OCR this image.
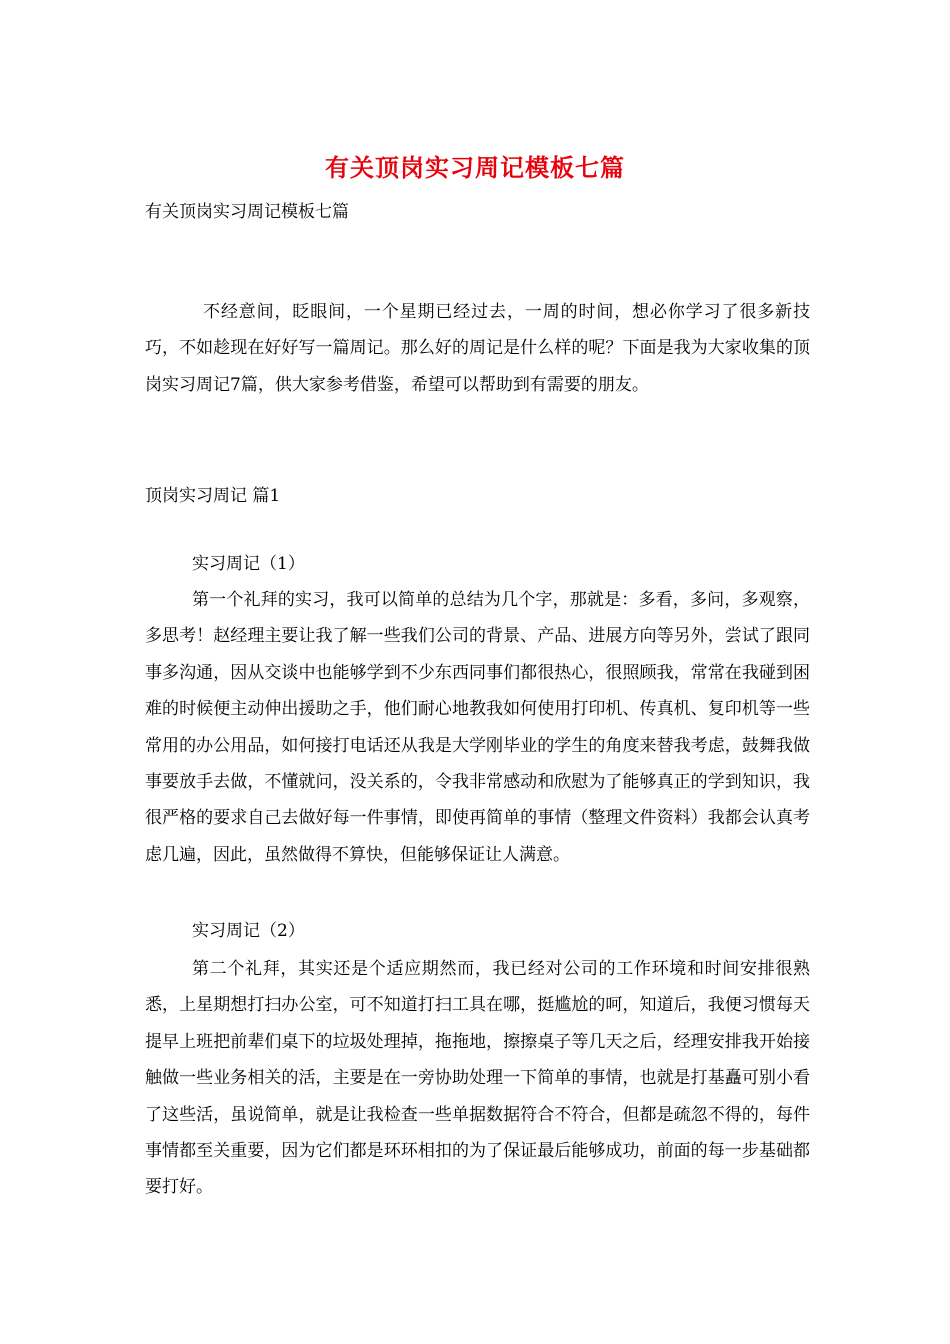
有关顶岗实习周记模板七篇
有关顶岗实习周记模板七篇

不经意间，眨眼间，一个星期已经过去，一周的时间，想必你学习了很多新技巧，不如趁现在好好写一篇周记。那么好的周记是什么样的呢？下面是我为大家收集的顶岗实习周记7篇，供大家参考借鉴，希望可以帮助到有需要的朋友。

顶岗实习周记 篇1
实习周记（1）

第一个礼拜的实习，我可以简单的总结为几个字，那就是：多看，多问，多观察，多思考！赵经理主要让我了解一些我们公司的背景、产品、进展方向等另外，尝试了跟同事多沟通，因从交谈中也能够学到不少东西同事们都很热心，很照顾我，常常在我碰到困难的时候便主动伸出援助之手，他们耐心地教我如何使用打印机、传真机、复印机等一些常用的办公用品，如何接打电话还从我是大学刚毕业的学生的角度来替我考虑，鼓舞我做事要放手去做，不懂就问，没关系的，令我非常感动和欣慰为了能够真正的学到知识，我很严格的要求自己去做好每一件事情，即使再简单的事情（整理文件资料）我都会认真考虑几遍，因此，虽然做得不算快，但能够保证让人满意。

实习周记（2）

第二个礼拜，其实还是个适应期然而，我已经对公司的工作环境和时间安排很熟悉，上星期想打扫办公室，可不知道打扫工具在哪，挺尴尬的呵，知道后，我便习惯每天提早上班把前辈们桌下的垃圾处理掉，拖拖地，擦擦桌子等几天之后，经理安排我开始接触做一些业务相关的活，主要是在一旁协助处理一下简单的事情，也就是打基矗可别小看了这些活，虽说简单，就是让我检查一些单据数据符合不符合，但都是疏忽不得的，每件事情都至关重要，因为它们都是环环相扣的为了保证最后能够成功，前面的每一步基础都要打好。
